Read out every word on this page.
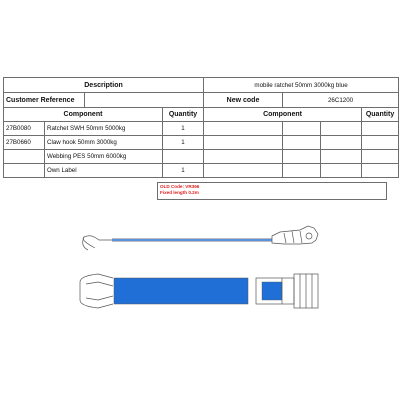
Description				mobile ratchet 50mm 3000kg blue			
Customer Reference				New code	26C1200		
Component			Quantity	Component			Quantity
27B0080	Ratchet SWH 50mm 5000kg		1				
27B0660	Claw hook 50mm 3000kg		1				
	Webbing PES 50mm 6000kg						
	Own Label		1				
OLD Code: VR366
Fixed length 0.2m
